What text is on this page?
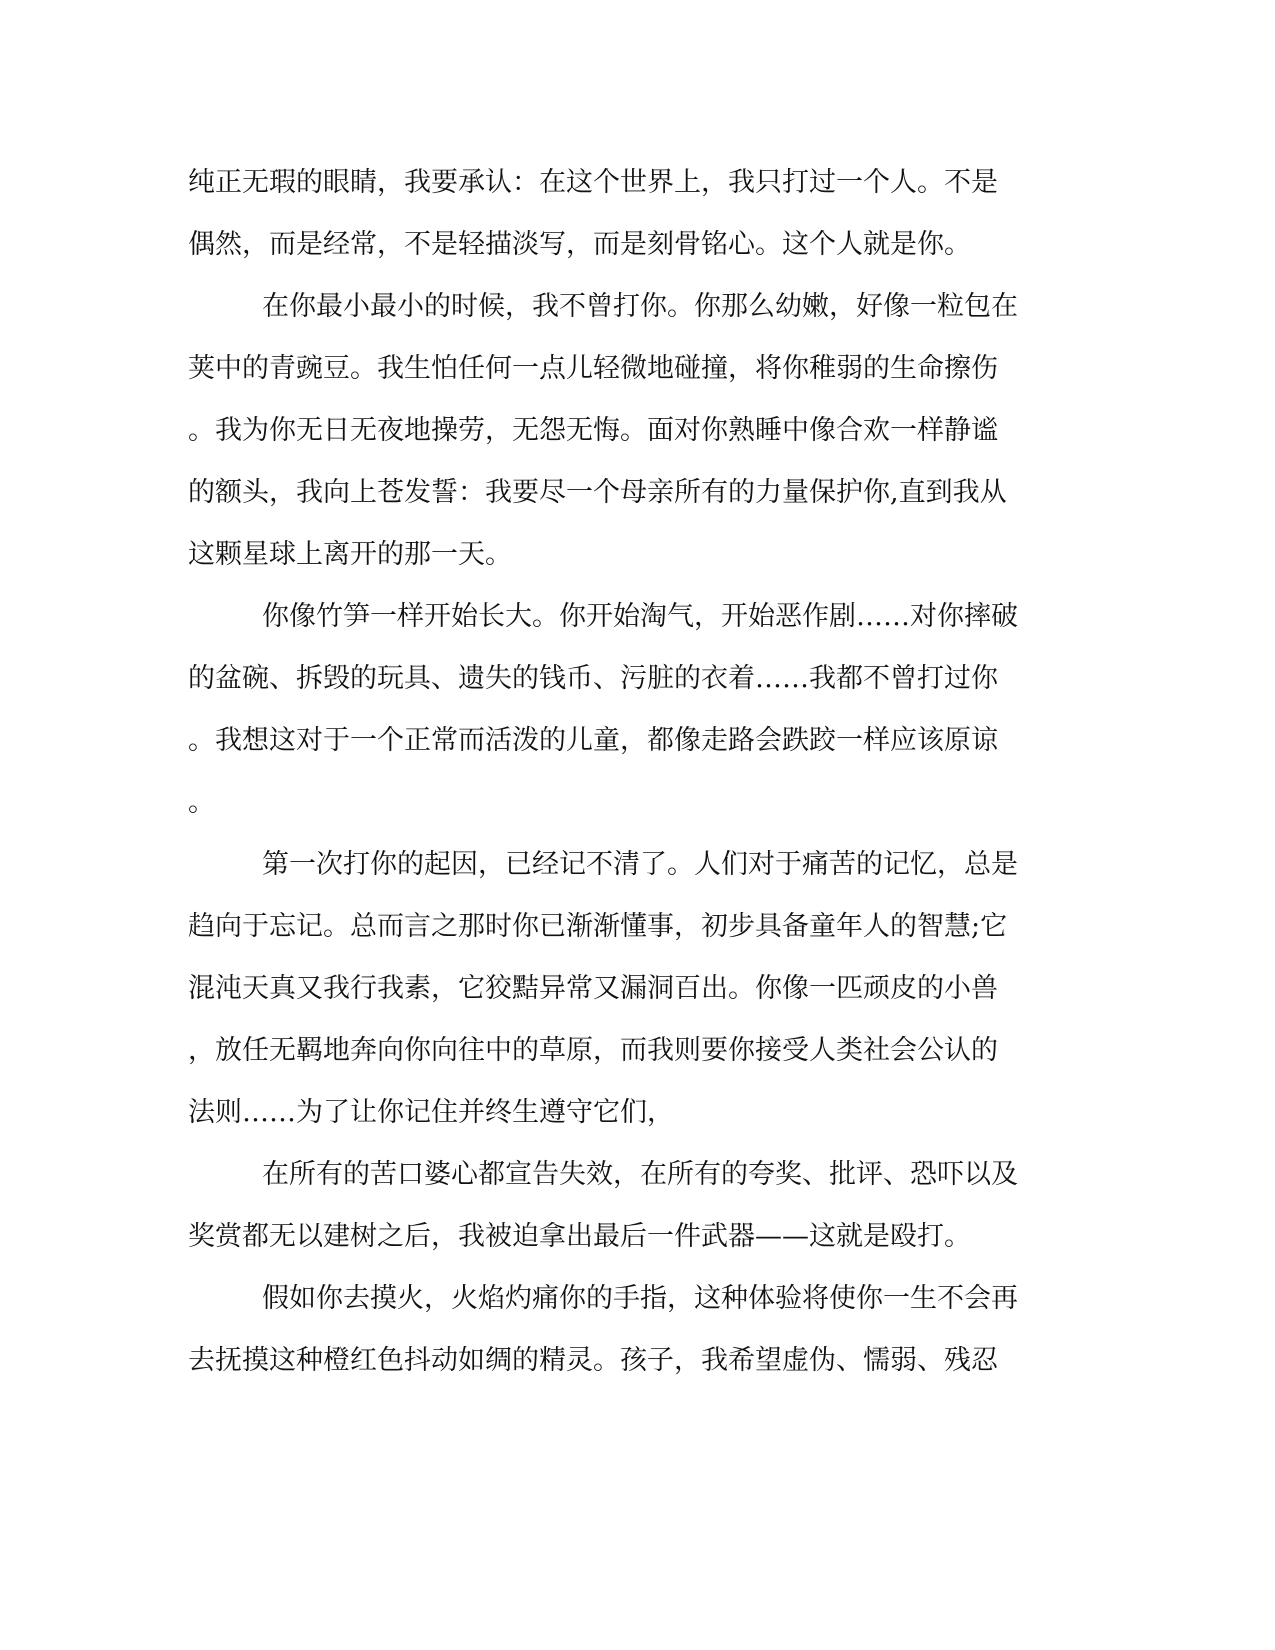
纯正无瑕的眼睛，我要承认：在这个世界上，我只打过一个人。不是

偶然，而是经常，不是轻描淡写，而是刻骨铭心。这个人就是你。

在你最小最小的时候，我不曾打你。你那么幼嫩，好像一粒包在

荚中的青豌豆。我生怕任何一点儿轻微地碰撞，将你稚弱的生命擦伤

。我为你无日无夜地操劳，无怨无悔。面对你熟睡中像合欢一样静谧

的额头，我向上苍发誓：我要尽一个母亲所有的力量保护你,直到我从

这颗星球上离开的那一天。

你像竹笋一样开始长大。你开始淘气，开始恶作剧……对你摔破

的盆碗、拆毁的玩具、遗失的钱币、污脏的衣着……我都不曾打过你

。我想这对于一个正常而活泼的儿童，都像走路会跌跤一样应该原谅

。

第一次打你的起因，已经记不清了。人们对于痛苦的记忆，总是

趋向于忘记。总而言之那时你已渐渐懂事，初步具备童年人的智慧;它

混沌天真又我行我素，它狡黠异常又漏洞百出。你像一匹顽皮的小兽

，放任无羁地奔向你向往中的草原，而我则要你接受人类社会公认的

法则……为了让你记住并终生遵守它们，

在所有的苦口婆心都宣告失效，在所有的夸奖、批评、恐吓以及

奖赏都无以建树之后，我被迫拿出最后一件武器——这就是殴打。

假如你去摸火，火焰灼痛你的手指，这种体验将使你一生不会再

去抚摸这种橙红色抖动如绸的精灵。孩子，我希望虚伪、懦弱、残忍
